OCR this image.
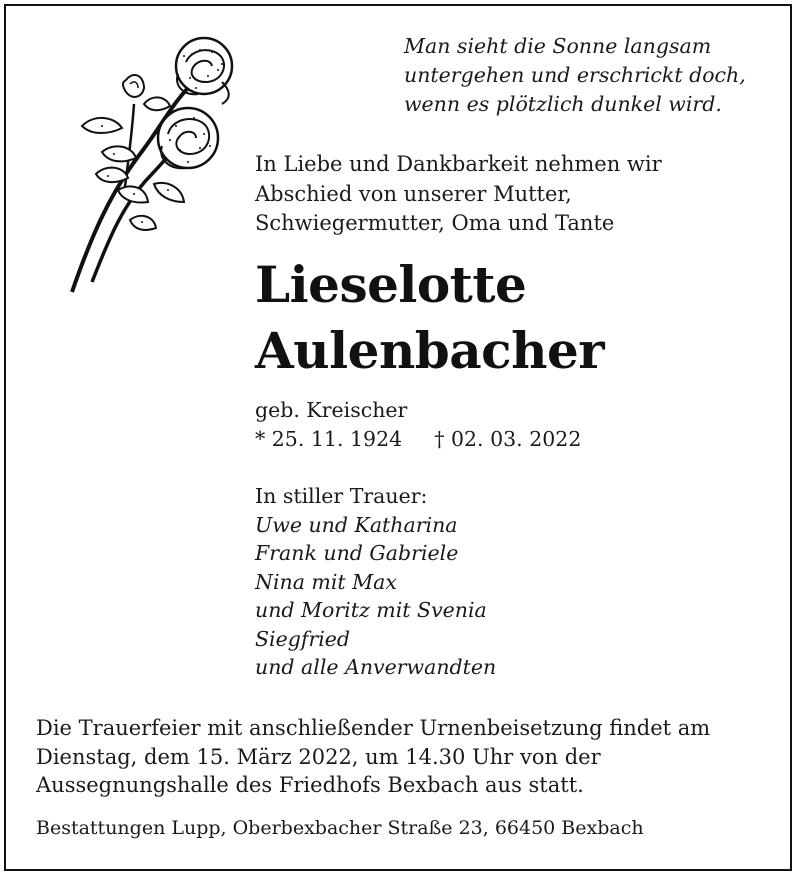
Man sieht die Sonne langsam
untergehen und erschrickt doch,
wenn es plötzlich dunkel wird.
In Liebe und Dankbarkeit nehmen wir
Abschied von unserer Mutter,
Schwiegermutter, Oma und Tante
Lieselotte
Aulenbacher
geb. Kreischer
* 25. 11. 1924 † 02. 03. 2022
In stiller Trauer:
Uwe und Katharina
Frank und Gabriele
Nina mit Max
und Moritz mit Svenia
Siegfried
und alle Anverwandten
Die Trauerfeier mit anschließender Urnenbeisetzung findet am
Dienstag, dem 15. März 2022, um 14.30 Uhr von der
Aussegnungshalle des Friedhofs Bexbach aus statt.
Bestattungen Lupp, Oberbexbacher Straße 23, 66450 Bexbach
